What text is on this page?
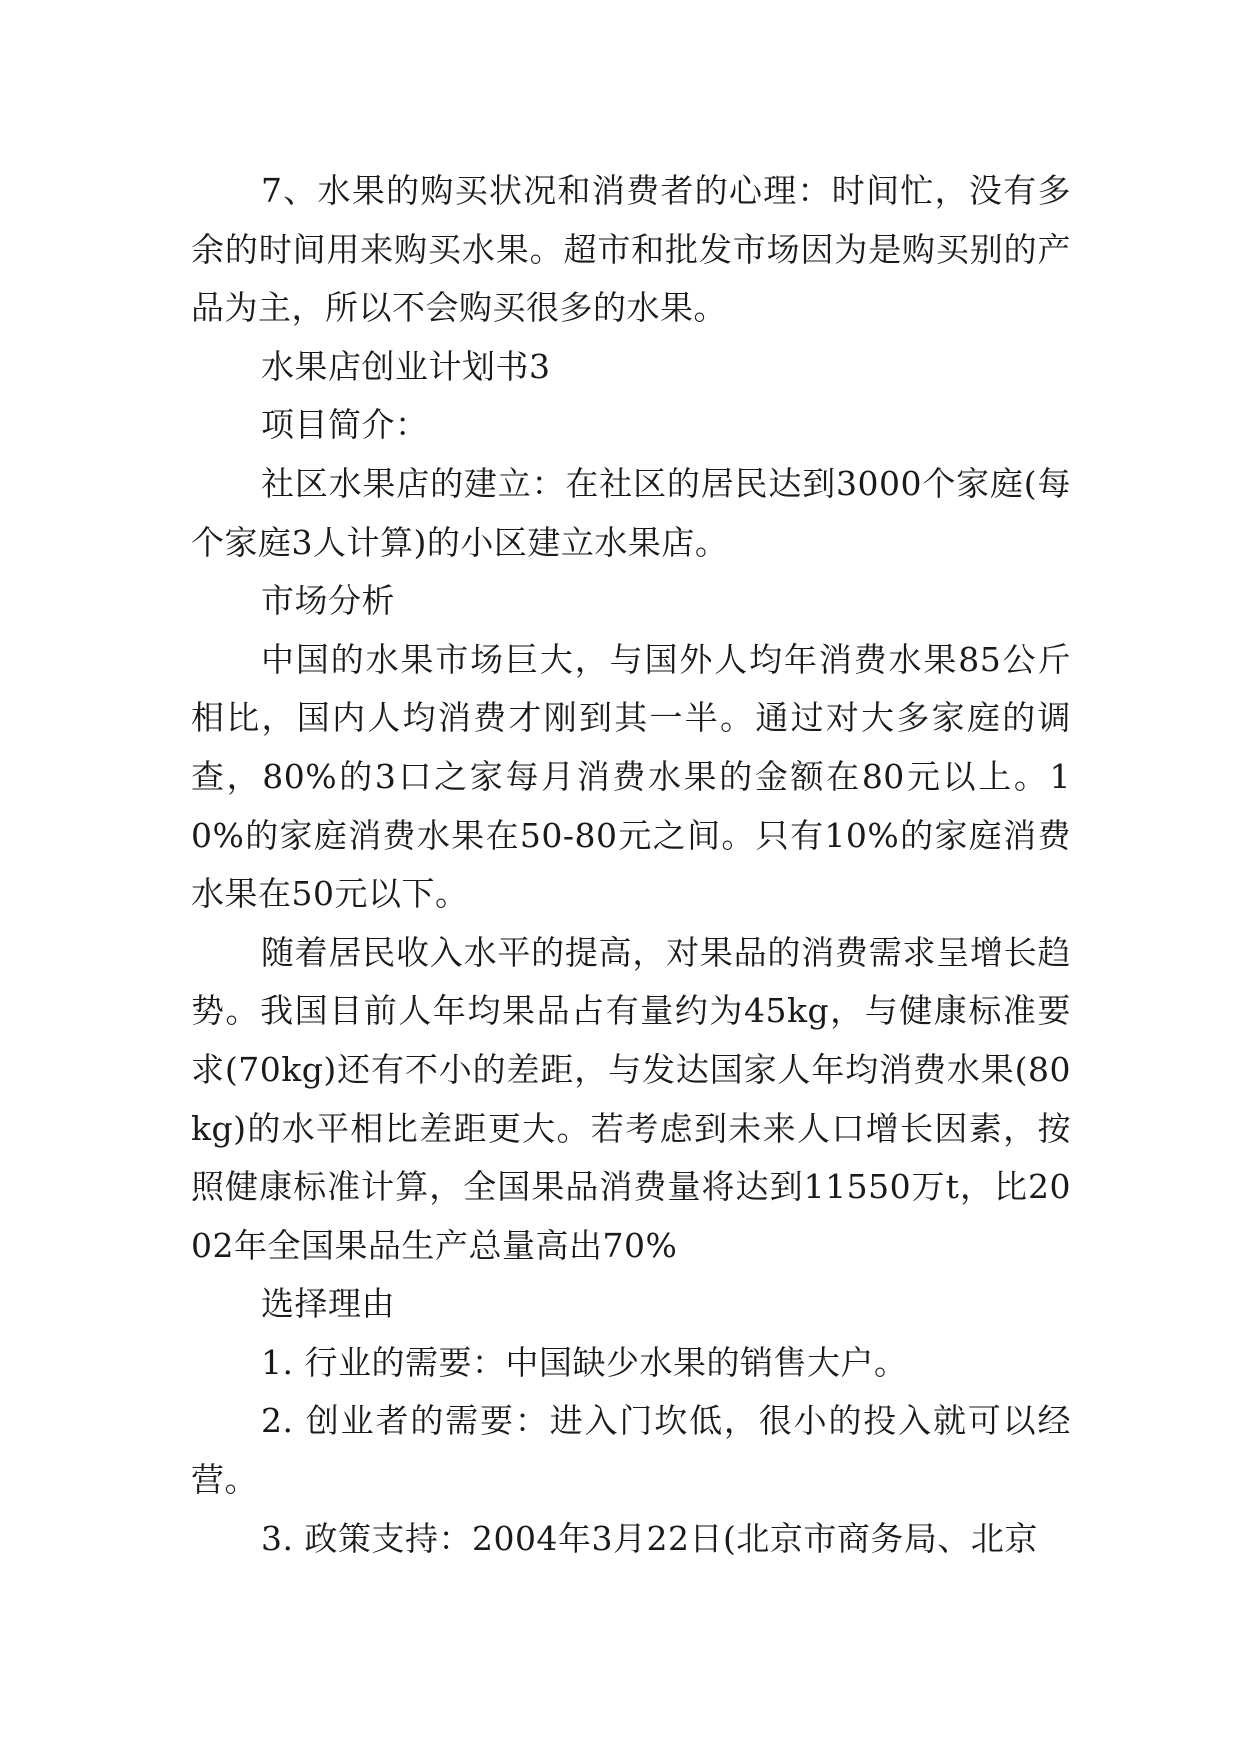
7、水果的购买状况和消费者的心理：时间忙，没有多余的时间用来购买水果。超市和批发市场因为是购买别的产品为主，所以不会购买很多的水果。

水果店创业计划书3

项目简介：

社区水果店的建立：在社区的居民达到3000个家庭(每个家庭3人计算)的小区建立水果店。

市场分析

中国的水果市场巨大，与国外人均年消费水果85公斤相比，国内人均消费才刚到其一半。通过对大多家庭的调查，80%的3口之家每月消费水果的金额在80元以上。10%的家庭消费水果在50-80元之间。只有10%的家庭消费水果在50元以下。

随着居民收入水平的提高，对果品的消费需求呈增长趋势。我国目前人年均果品占有量约为45kg，与健康标准要求(70kg)还有不小的差距，与发达国家人年均消费水果(80kg)的水平相比差距更大。若考虑到未来人口增长因素，按照健康标准计算，全国果品消费量将达到11550万t，比2002年全国果品生产总量高出70%

选择理由

1. 行业的需要：中国缺少水果的销售大户。

2. 创业者的需要：进入门坎低，很小的投入就可以经营。

3. 政策支持：2004年3月22日(北京市商务局、北京
